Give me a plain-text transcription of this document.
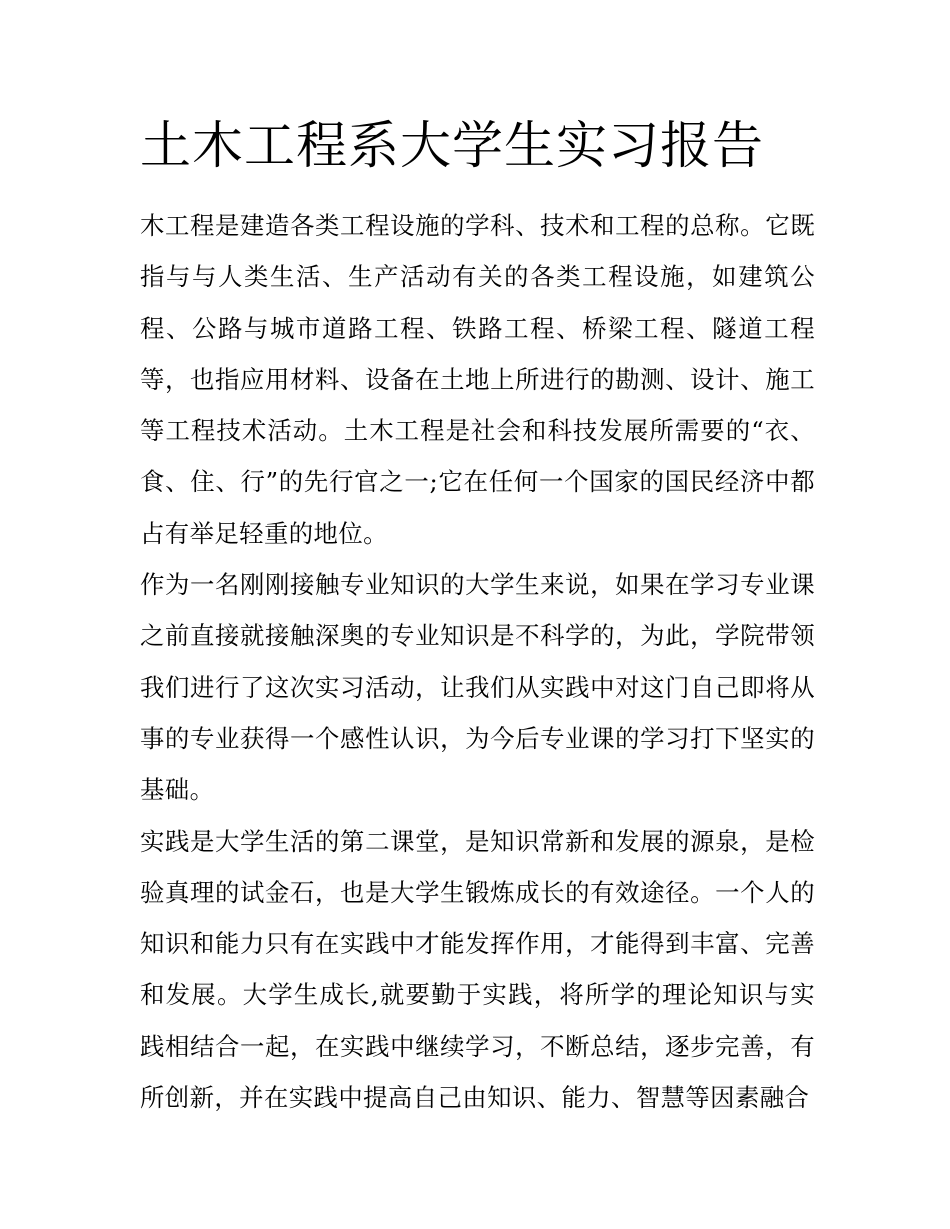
土木工程系大学生实习报告

木工程是建造各类工程设施的学科、技术和工程的总称。它既指与与人类生活、生产活动有关的各类工程设施，如建筑公程、公路与城市道路工程、铁路工程、桥梁工程、隧道工程等，也指应用材料、设备在土地上所进行的勘测、设计、施工等工程技术活动。土木工程是社会和科技发展所需要的“衣、食、住、行”的先行官之一;它在任何一个国家的国民经济中都占有举足轻重的地位。

作为一名刚刚接触专业知识的大学生来说，如果在学习专业课之前直接就接触深奥的专业知识是不科学的，为此，学院带领我们进行了这次实习活动，让我们从实践中对这门自己即将从事的专业获得一个感性认识，为今后专业课的学习打下坚实的基础。

实践是大学生活的第二课堂，是知识常新和发展的源泉，是检验真理的试金石，也是大学生锻炼成长的有效途径。一个人的知识和能力只有在实践中才能发挥作用，才能得到丰富、完善和发展。大学生成长,就要勤于实践，将所学的理论知识与实践相结合一起，在实践中继续学习，不断总结，逐步完善，有所创新，并在实践中提高自己由知识、能力、智慧等因素融合
